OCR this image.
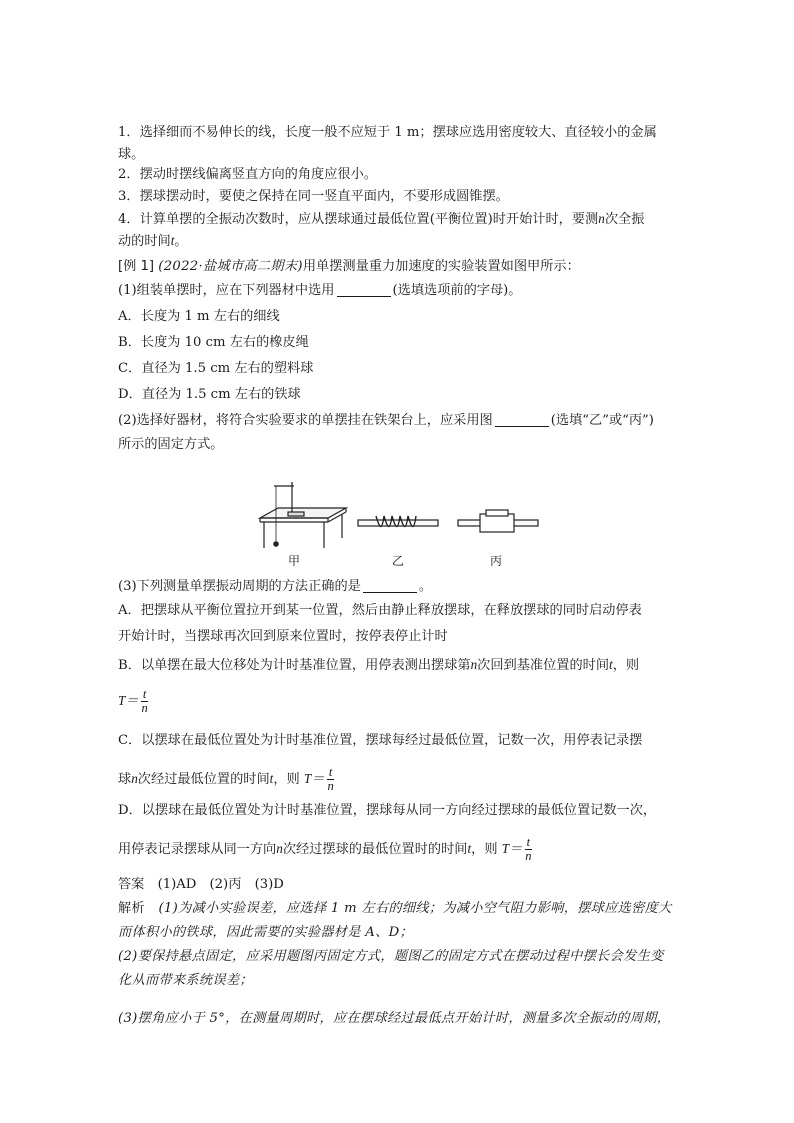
1．选择细而不易伸长的线，长度一般不应短于 1 m；摆球应选用密度较大、直径较小的金属
球。
2．摆动时摆线偏离竖直方向的角度应很小。
3．摆球摆动时，要使之保持在同一竖直平面内，不要形成圆锥摆。
4．计算单摆的全振动次数时，应从摆球通过最低位置(平衡位置)时开始计时，要测n次全振
动的时间t。
[例 1] (2022·盐城市高二期末)用单摆测量重力加速度的实验装置如图甲所示：
(1)组装单摆时，应在下列器材中选用	(选填选项前的字母)。
A．长度为 1 m 左右的细线
B．长度为 10 cm 左右的橡皮绳
C．直径为 1.5 cm 左右的塑料球
D．直径为 1.5 cm 左右的铁球
(2)选择好器材，将符合实验要求的单摆挂在铁架台上，应采用图	(选填“乙”或“丙”)
所示的固定方式。
甲	乙	丙
(3)下列测量单摆振动周期的方法正确的是	。
A．把摆球从平衡位置拉开到某一位置，然后由静止释放摆球，在释放摆球的同时启动停表
开始计时，当摆球再次回到原来位置时，按停表停止计时
B．以单摆在最大位移处为计时基准位置，用停表测出摆球第n次回到基准位置的时间t，则
$T= \frac{t}{n}$
C．以摆球在最低位置处为计时基准位置，摆球每经过最低位置，记数一次，用停表记录摆
球n次经过最低位置的时间t，则 $T= \frac{t}{n}$
D．以摆球在最低位置处为计时基准位置，摆球每从同一方向经过摆球的最低位置记数一次，
用停表记录摆球从同一方向n次经过摆球的最低位置时的时间t，则 $T= \frac{t}{n}$
答案　 (1)AD　(2)丙　(3)D
解析　 (1)为减小实验误差，应选择 1 m 左右的细线；为减小空气阻力影响，摆球应选密度大
而体积小的铁球，因此需要的实验器材是 A、D；
(2)要保持悬点固定，应采用题图丙固定方式，题图乙的固定方式在摆动过程中摆长会发生变
化从而带来系统误差；
(3)摆角应小于 5°，在测量周期时，应在摆球经过最低点开始计时，测量多次全振动的周期，
